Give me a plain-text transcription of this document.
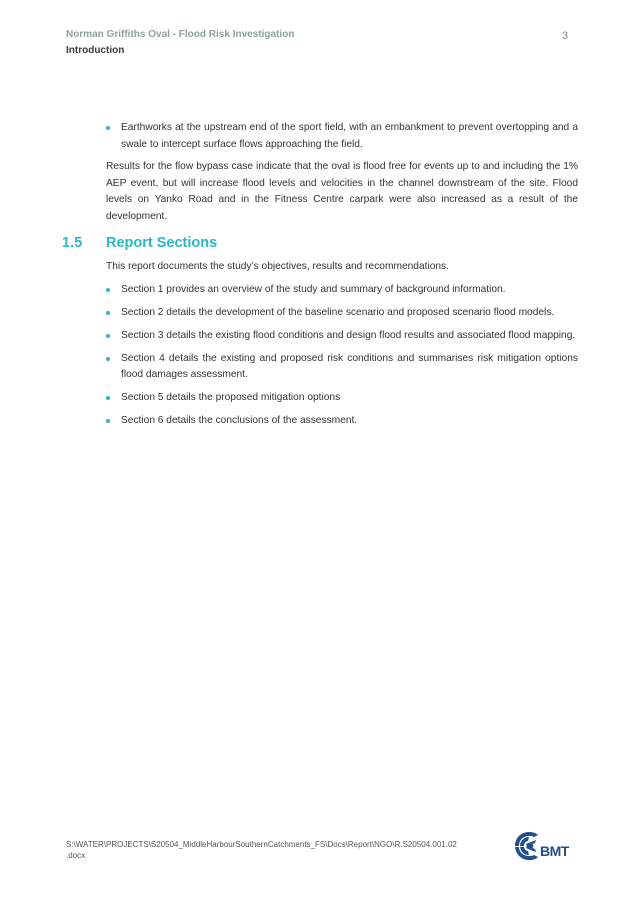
Norman Griffiths Oval - Flood Risk Investigation
Introduction
3
Earthworks at the upstream end of the sport field, with an embankment to prevent overtopping and a swale to intercept surface flows approaching the field.

Results for the flow bypass case indicate that the oval is flood free for events up to and including the 1% AEP event, but will increase flood levels and velocities in the channel downstream of the site. Flood levels on Yanko Road and in the Fitness Centre carpark were also increased as a result of the development.

1.5 Report Sections

This report documents the study’s objectives, results and recommendations.

Section 1 provides an overview of the study and summary of background information.
Section 2 details the development of the baseline scenario and proposed scenario flood models.
Section 3 details the existing flood conditions and design flood results and associated flood mapping.
Section 4 details the existing and proposed risk conditions and summarises risk mitigation options flood damages assessment.
Section 5 details the proposed mitigation options
Section 6 details the conclusions of the assessment.
S:\WATER\PROJECTS\S20504_MiddleHarbourSouthernCatchments_FS\Docs\Report\NGO\R.S20504.001.02
.docx	BMT
